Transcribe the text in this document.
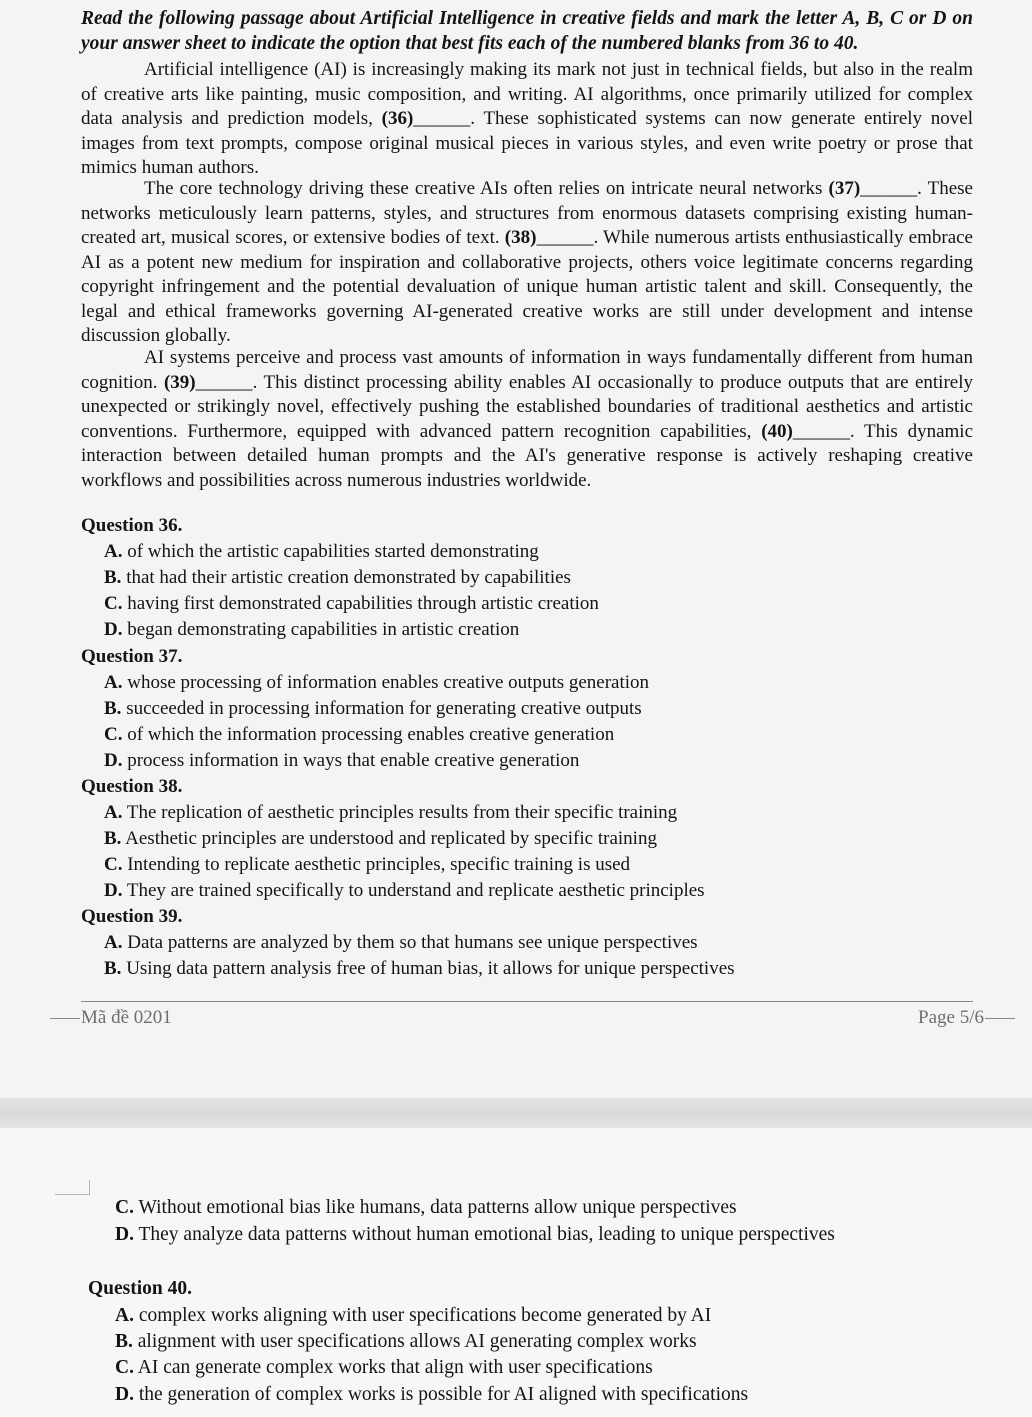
Read the following passage about Artificial Intelligence in creative fields and mark the letter A, B, C or D on your answer sheet to indicate the option that best fits each of the numbered blanks from 36 to 40.

Artificial intelligence (AI) is increasingly making its mark not just in technical fields, but also in the realm of creative arts like painting, music composition, and writing. AI algorithms, once primarily utilized for complex data analysis and prediction models, (36)______. These sophisticated systems can now generate entirely novel images from text prompts, compose original musical pieces in various styles, and even write poetry or prose that mimics human authors.

The core technology driving these creative AIs often relies on intricate neural networks (37)______. These networks meticulously learn patterns, styles, and structures from enormous datasets comprising existing human-created art, musical scores, or extensive bodies of text. (38)______. While numerous artists enthusiastically embrace AI as a potent new medium for inspiration and collaborative projects, others voice legitimate concerns regarding copyright infringement and the potential devaluation of unique human artistic talent and skill. Consequently, the legal and ethical frameworks governing AI-generated creative works are still under development and intense discussion globally.

AI systems perceive and process vast amounts of information in ways fundamentally different from human cognition. (39)______. This distinct processing ability enables AI occasionally to produce outputs that are entirely unexpected or strikingly novel, effectively pushing the established boundaries of traditional aesthetics and artistic conventions. Furthermore, equipped with advanced pattern recognition capabilities, (40)______. This dynamic interaction between detailed human prompts and the AI's generative response is actively reshaping creative workflows and possibilities across numerous industries worldwide.

Question 36.

A. of which the artistic capabilities started demonstrating

B. that had their artistic creation demonstrated by capabilities

C. having first demonstrated capabilities through artistic creation

D. began demonstrating capabilities in artistic creation

Question 37.

A. whose processing of information enables creative outputs generation

B. succeeded in processing information for generating creative outputs

C. of which the information processing enables creative generation

D. process information in ways that enable creative generation

Question 38.

A. The replication of aesthetic principles results from their specific training

B. Aesthetic principles are understood and replicated by specific training

C. Intending to replicate aesthetic principles, specific training is used

D. They are trained specifically to understand and replicate aesthetic principles

Question 39.

A. Data patterns are analyzed by them so that humans see unique perspectives

B. Using data pattern analysis free of human bias, it allows for unique perspectives

Mã đề 0201	Page 5/6

C. Without emotional bias like humans, data patterns allow unique perspectives

D. They analyze data patterns without human emotional bias, leading to unique perspectives

Question 40.

A. complex works aligning with user specifications become generated by AI

B. alignment with user specifications allows AI generating complex works

C. AI can generate complex works that align with user specifications

D. the generation of complex works is possible for AI aligned with specifications
